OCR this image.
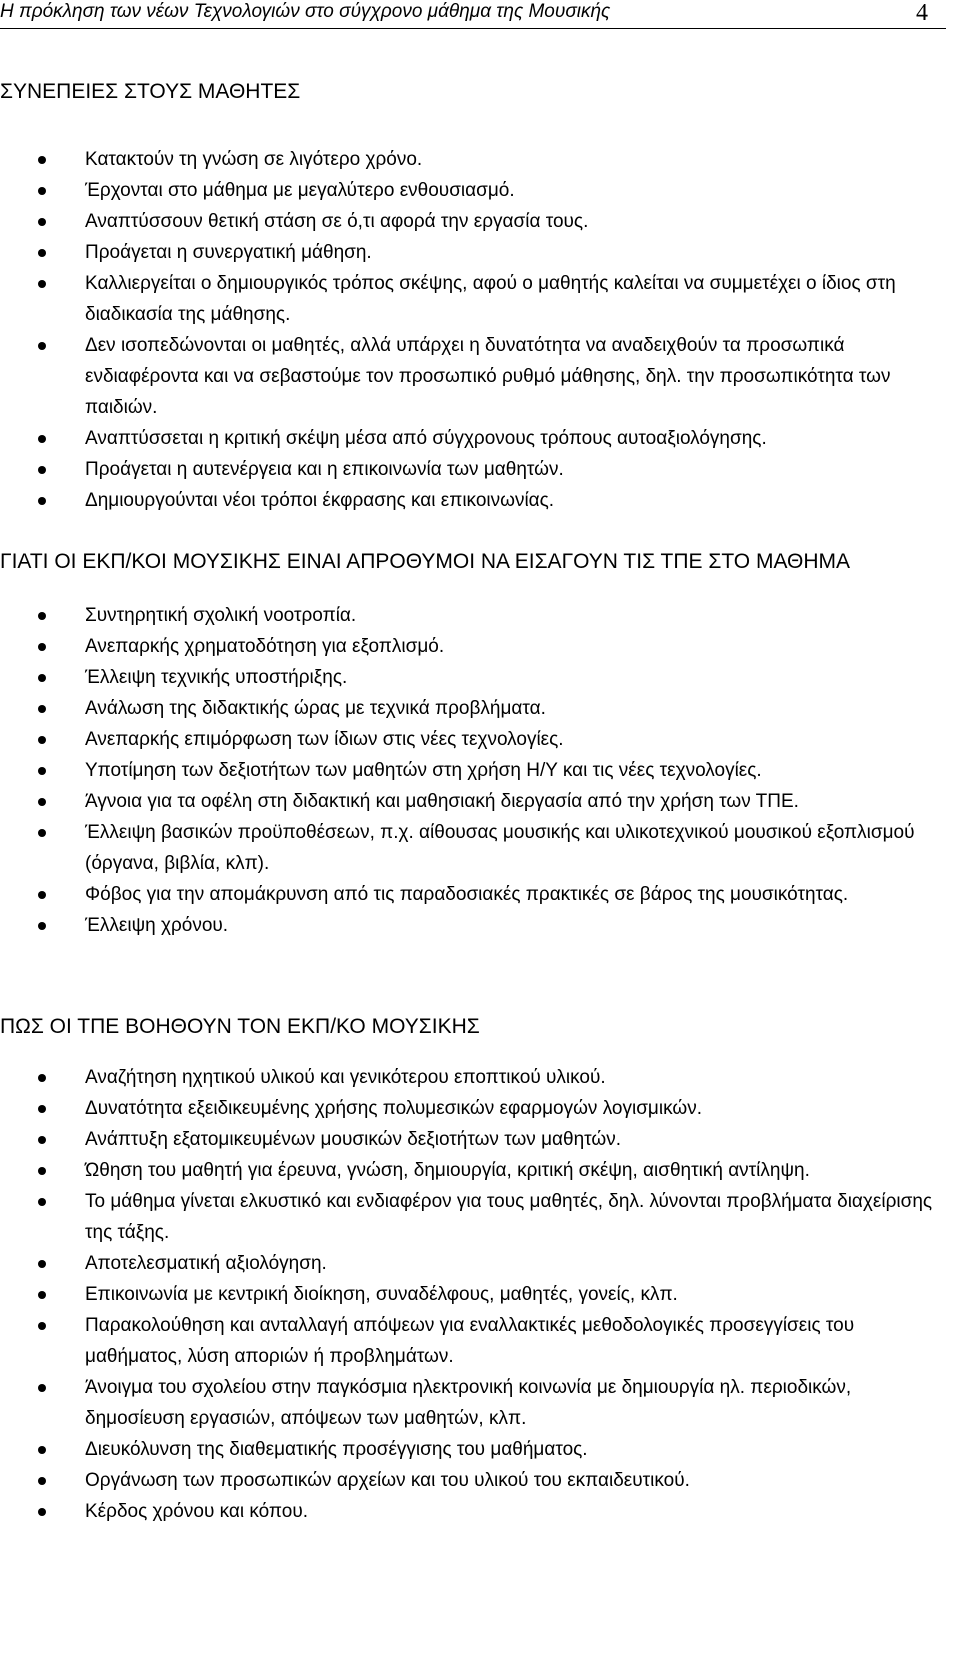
Η πρόκληση των νέων Τεχνολογιών στο σύγχρονο μάθημα της Μουσικής	4
ΣΥΝΕΠΕΙΕΣ ΣΤΟΥΣ ΜΑΘΗΤΕΣ
Κατακτούν τη γνώση σε λιγότερο χρόνο.
Έρχονται στο μάθημα με μεγαλύτερο ενθουσιασμό.
Αναπτύσσουν θετική στάση σε ό,τι αφορά την εργασία τους.
Προάγεται η συνεργατική μάθηση.
Καλλιεργείται ο δημιουργικός τρόπος σκέψης, αφού ο μαθητής καλείται να συμμετέχει ο ίδιος στη διαδικασία της μάθησης.
Δεν ισοπεδώνονται οι μαθητές, αλλά υπάρχει η δυνατότητα να αναδειχθούν τα προσωπικά ενδιαφέροντα και να σεβαστούμε τον προσωπικό ρυθμό μάθησης, δηλ. την προσωπικότητα των παιδιών.
Αναπτύσσεται η κριτική σκέψη μέσα από σύγχρονους τρόπους αυτοαξιολόγησης.
Προάγεται η αυτενέργεια και η επικοινωνία των μαθητών.
Δημιουργούνται νέοι τρόποι έκφρασης και επικοινωνίας.
ΓΙΑΤΙ ΟΙ ΕΚΠ/ΚΟΙ ΜΟΥΣΙΚΗΣ ΕΙΝΑΙ ΑΠΡΟΘΥΜΟΙ ΝΑ ΕΙΣΑΓΟΥΝ ΤΙΣ ΤΠΕ ΣΤΟ ΜΑΘΗΜΑ
Συντηρητική σχολική νοοτροπία.
Ανεπαρκής χρηματοδότηση για εξοπλισμό.
Έλλειψη τεχνικής υποστήριξης.
Ανάλωση της διδακτικής ώρας με τεχνικά προβλήματα.
Ανεπαρκής επιμόρφωση των ίδιων στις νέες τεχνολογίες.
Υποτίμηση των δεξιοτήτων των μαθητών στη χρήση Η/Υ και τις νέες τεχνολογίες.
Άγνοια για τα οφέλη στη διδακτική και μαθησιακή διεργασία από την χρήση των ΤΠΕ.
Έλλειψη βασικών προϋποθέσεων, π.χ. αίθουσας μουσικής και υλικοτεχνικού μουσικού εξοπλισμού (όργανα, βιβλία, κλπ).
Φόβος για την απομάκρυνση από τις παραδοσιακές πρακτικές σε βάρος της μουσικότητας.
Έλλειψη χρόνου.
ΠΩΣ ΟΙ ΤΠΕ ΒΟΗΘΟΥΝ ΤΟΝ ΕΚΠ/ΚΟ ΜΟΥΣΙΚΗΣ
Αναζήτηση ηχητικού υλικού και γενικότερου εποπτικού υλικού.
Δυνατότητα εξειδικευμένης χρήσης πολυμεσικών εφαρμογών λογισμικών.
Ανάπτυξη εξατομικευμένων μουσικών δεξιοτήτων των μαθητών.
Ώθηση του μαθητή για έρευνα, γνώση, δημιουργία, κριτική σκέψη, αισθητική αντίληψη.
Το μάθημα γίνεται ελκυστικό και ενδιαφέρον για τους μαθητές, δηλ. λύνονται προβλήματα διαχείρισης της τάξης.
Αποτελεσματική αξιολόγηση.
Επικοινωνία με κεντρική διοίκηση, συναδέλφους, μαθητές, γονείς, κλπ.
Παρακολούθηση και ανταλλαγή απόψεων για εναλλακτικές μεθοδολογικές προσεγγίσεις του μαθήματος, λύση αποριών ή προβλημάτων.
Άνοιγμα του σχολείου στην παγκόσμια ηλεκτρονική κοινωνία με δημιουργία ηλ. περιοδικών, δημοσίευση εργασιών, απόψεων των μαθητών, κλπ.
Διευκόλυνση της διαθεματικής προσέγγισης του μαθήματος.
Οργάνωση των προσωπικών αρχείων και του υλικού του εκπαιδευτικού.
Κέρδος χρόνου και κόπου.
